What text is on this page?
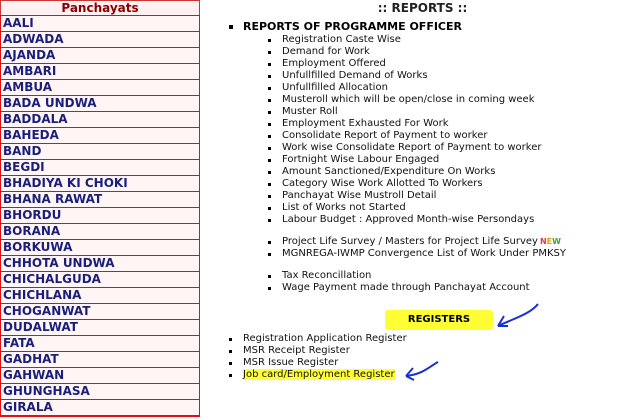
Panchayats
AALI
ADWADA
AJANDA
AMBARI
AMBUA
BADA UNDWA
BADDALA
BAHEDA
BAND
BEGDI
BHADIYA KI CHOKI
BHANA RAWAT
BHORDU
BORANA
BORKUWA
CHHOTA UNDWA
CHICHALGUDA
CHICHLANA
CHOGANWAT
DUDALWAT
FATA
GADHAT
GAHWAN
GHUNGHASA
GIRALA
:: REPORTS ::
REPORTS OF PROGRAMME OFFICER
Registration Caste Wise
Demand for Work
Employment Offered
Unfullfilled Demand of Works
Unfullfilled Allocation
Musteroll which will be open/close in coming week
Muster Roll
Employment Exhausted For Work
Consolidate Report of Payment to worker
Work wise Consolidate Report of Payment to worker
Fortnight Wise Labour Engaged
Amount Sanctioned/Expenditure On Works
Category Wise Work Allotted To Workers
Panchayat Wise Mustroll Detail
List of Works not Started
Labour Budget : Approved Month-wise Persondays
Project Life Survey / Masters for Project Life Survey $^{NEW}$
MGNREGA-IWMP Convergence List of Work Under PMKSY
Tax Reconcillation
Wage Payment made through Panchayat Account
REGISTERS
Registration Application Register
MSR Receipt Register
MSR Issue Register
Job card/Employment Register
